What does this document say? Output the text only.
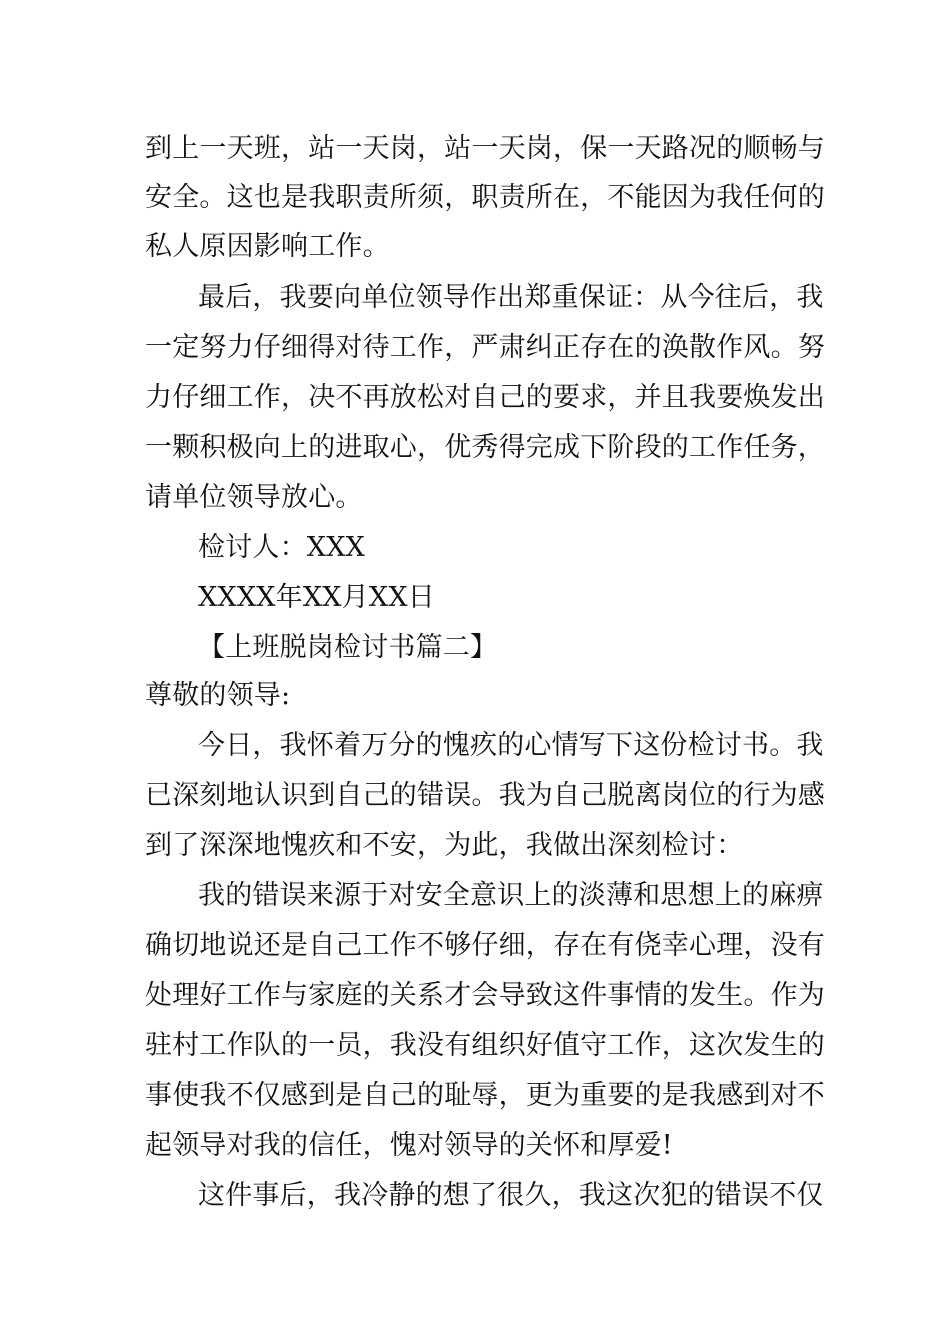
到上一天班，站一天岗，站一天岗，保一天路况的顺畅与
安全。这也是我职责所须，职责所在，不能因为我任何的
私人原因影响工作。
最后，我要向单位领导作出郑重保证：从今往后，我
一定努力仔细得对待工作，严肃纠正存在的涣散作风。努
力仔细工作，决不再放松对自己的要求，并且我要焕发出
一颗积极向上的进取心，优秀得完成下阶段的工作任务，
请单位领导放心。
检讨人：XXX
XXXX年XX月XX日
【上班脱岗检讨书篇二】
尊敬的领导:
今日，我怀着万分的愧疚的心情写下这份检讨书。我
已深刻地认识到自己的错误。我为自己脱离岗位的行为感
到了深深地愧疚和不安，为此，我做出深刻检讨：
我的错误来源于对安全意识上的淡薄和思想上的麻痹
确切地说还是自己工作不够仔细，存在有侥幸心理，没有
处理好工作与家庭的关系才会导致这件事情的发生。作为
驻村工作队的一员，我没有组织好值守工作，这次发生的
事使我不仅感到是自己的耻辱，更为重要的是我感到对不
起领导对我的信任，愧对领导的关怀和厚爱!
这件事后，我冷静的想了很久，我这次犯的错误不仅
